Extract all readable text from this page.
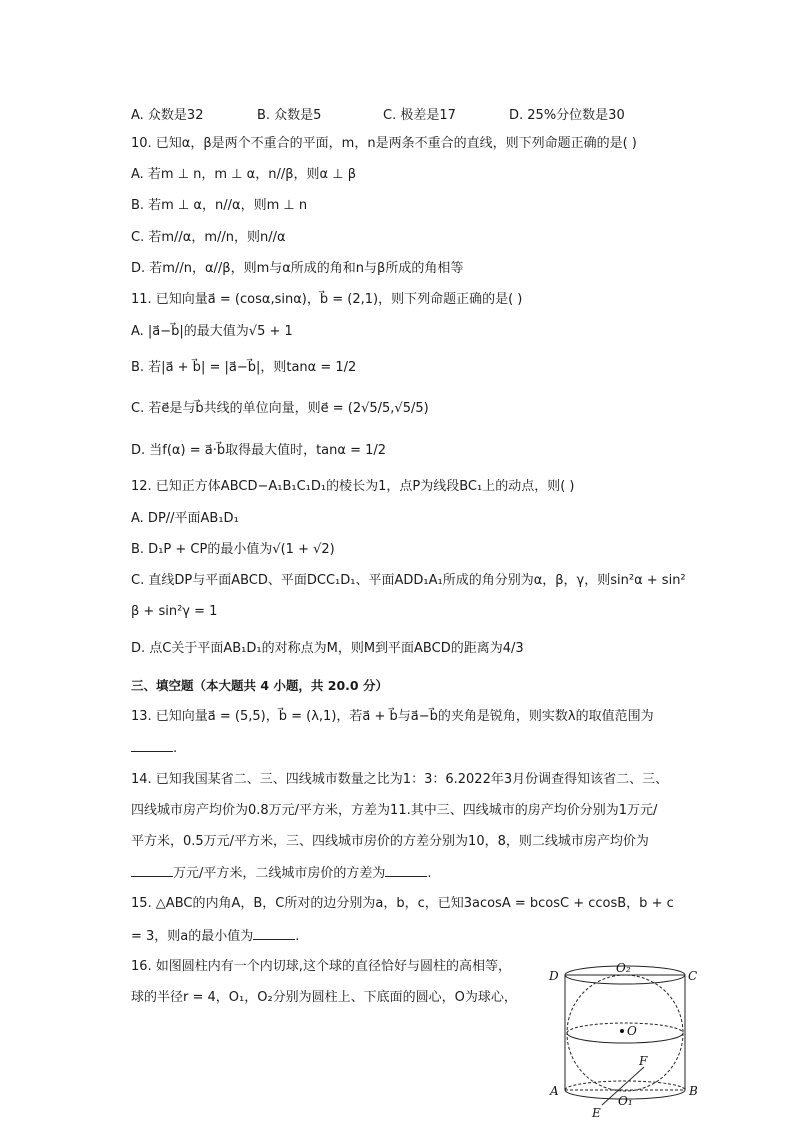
A. 众数是32	B. 众数是5	C. 极差是17	D. 25%分位数是30
10. 已知α，β是两个不重合的平面，m，n是两条不重合的直线，则下列命题正确的是( )
A. 若m ⊥ n，m ⊥ α，n//β，则α ⊥ β
B. 若m ⊥ α，n//α，则m ⊥ n
C. 若m//α，m//n，则n//α
D. 若m//n，α//β，则m与α所成的角和n与β所成的角相等
11. 已知向量a⃗ = (cosα,sinα)，b⃗ = (2,1)，则下列命题正确的是( )
A. |a⃗−b⃗|的最大值为√5 + 1
B. 若|a⃗ + b⃗| = |a⃗−b⃗|，则tanα = 1/2
C. 若e⃗是与b⃗共线的单位向量，则e⃗ = (2√5/5,√5/5)
D. 当f(α) = a⃗·b⃗取得最大值时，tanα = 1/2
12. 已知正方体ABCD−A₁B₁C₁D₁的棱长为1，点P为线段BC₁上的动点，则( )
A. DP//平面AB₁D₁
B. D₁P + CP的最小值为√(1 + √2)
C. 直线DP与平面ABCD、平面DCC₁D₁、平面ADD₁A₁所成的角分别为α，β，γ，则sin²α + sin²
β + sin²γ = 1
D. 点C关于平面AB₁D₁的对称点为M，则M到平面ABCD的距离为4/3
三、填空题（本大题共 4 小题，共 20.0 分）
13. 已知向量a⃗ = (5,5)，b⃗ = (λ,1)，若a⃗ + b⃗与a⃗−b⃗的夹角是锐角，则实数λ的取值范围为
.
14. 已知我国某省二、三、四线城市数量之比为1：3：6.2022年3月份调查得知该省二、三、
四线城市房产均价为0.8万元/平方米，方差为11.其中三、四线城市的房产均价分别为1万元/
平方米，0.5万元/平方米，三、四线城市房价的方差分别为10，8，则二线城市房产均价为
万元/平方米，二线城市房价的方差为	.
15. △ABC的内角A，B，C所对的边分别为a，b，c，已知3acosA = bcosC + ccosB，b + c
= 3，则a的最小值为	.
16. 如图圆柱内有一个内切球,这个球的直径恰好与圆柱的高相等，
球的半径r = 4，O₁，O₂分别为圆柱上、下底面的圆心，O为球心，
D	C
O₂
O
F
A	B
O₁
E
